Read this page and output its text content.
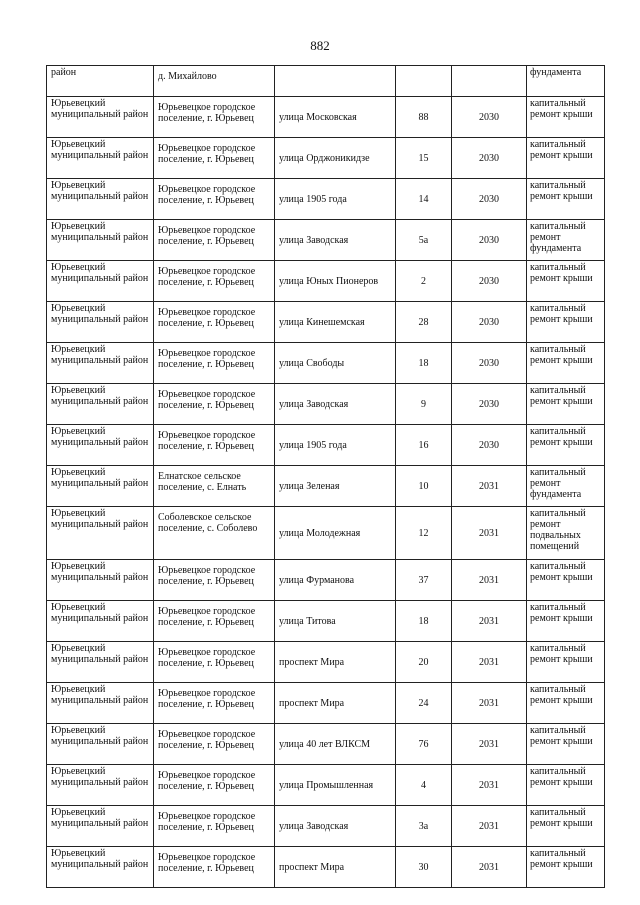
882
район	д. Михайлово				фундамента
Юрьевецкий муниципальный район	Юрьевецкое городское поселение, г. Юрьевец	улица Московская	88	2030	капитальный ремонт крыши
Юрьевецкий муниципальный район	Юрьевецкое городское поселение, г. Юрьевец	улица Орджоникидзе	15	2030	капитальный ремонт крыши
Юрьевецкий муниципальный район	Юрьевецкое городское поселение, г. Юрьевец	улица 1905 года	14	2030	капитальный ремонт крыши
Юрьевецкий муниципальный район	Юрьевецкое городское поселение, г. Юрьевец	улица Заводская	5а	2030	капитальный ремонт фундамента
Юрьевецкий муниципальный район	Юрьевецкое городское поселение, г. Юрьевец	улица Юных Пионеров	2	2030	капитальный ремонт крыши
Юрьевецкий муниципальный район	Юрьевецкое городское поселение, г. Юрьевец	улица Кинешемская	28	2030	капитальный ремонт крыши
Юрьевецкий муниципальный район	Юрьевецкое городское поселение, г. Юрьевец	улица Свободы	18	2030	капитальный ремонт крыши
Юрьевецкий муниципальный район	Юрьевецкое городское поселение, г. Юрьевец	улица Заводская	9	2030	капитальный ремонт крыши
Юрьевецкий муниципальный район	Юрьевецкое городское поселение, г. Юрьевец	улица 1905 года	16	2030	капитальный ремонт крыши
Юрьевецкий муниципальный район	Елнатское сельское поселение, с. Елнать	улица Зеленая	10	2031	капитальный ремонт фундамента
Юрьевецкий муниципальный район	Соболевское сельское поселение, с. Соболево	улица Молодежная	12	2031	капитальный ремонт подвальных помещений
Юрьевецкий муниципальный район	Юрьевецкое городское поселение, г. Юрьевец	улица Фурманова	37	2031	капитальный ремонт крыши
Юрьевецкий муниципальный район	Юрьевецкое городское поселение, г. Юрьевец	улица Титова	18	2031	капитальный ремонт крыши
Юрьевецкий муниципальный район	Юрьевецкое городское поселение, г. Юрьевец	проспект Мира	20	2031	капитальный ремонт крыши
Юрьевецкий муниципальный район	Юрьевецкое городское поселение, г. Юрьевец	проспект Мира	24	2031	капитальный ремонт крыши
Юрьевецкий муниципальный район	Юрьевецкое городское поселение, г. Юрьевец	улица 40 лет ВЛКСМ	76	2031	капитальный ремонт крыши
Юрьевецкий муниципальный район	Юрьевецкое городское поселение, г. Юрьевец	улица Промышленная	4	2031	капитальный ремонт крыши
Юрьевецкий муниципальный район	Юрьевецкое городское поселение, г. Юрьевец	улица Заводская	3а	2031	капитальный ремонт крыши
Юрьевецкий муниципальный район	Юрьевецкое городское поселение, г. Юрьевец	проспект Мира	30	2031	капитальный ремонт крыши
